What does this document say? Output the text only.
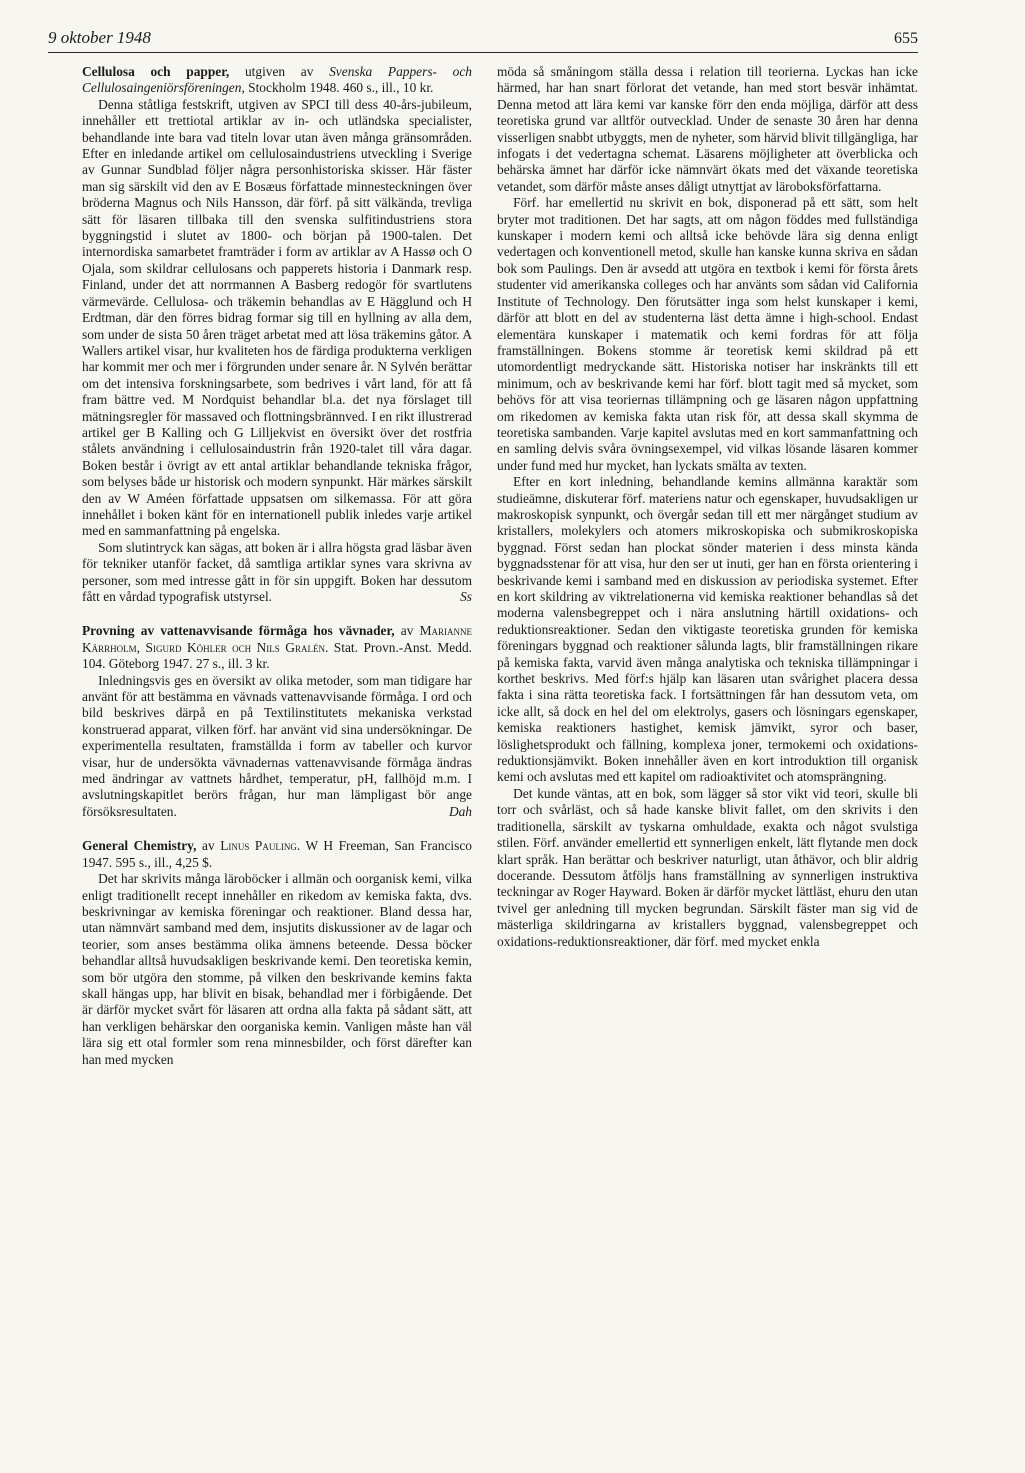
9 oktober 1948	655

Cellulosa och papper, utgiven av Svenska Pappers- och Cellulosaingeniörsföreningen, Stockholm 1948. 460 s., ill., 10 kr.

Denna ståtliga festskrift, utgiven av SPCI till dess 40-års-jubileum, innehåller ett trettiotal artiklar av in- och utländska specialister, behandlande inte bara vad titeln lovar utan även många gränsområden. Efter en inledande artikel om cellulosaindustriens utveckling i Sverige av Gunnar Sundblad följer några personhistoriska skisser. Här fäster man sig särskilt vid den av E Bosæus författade minnesteckningen över bröderna Magnus och Nils Hansson, där förf. på sitt välkända, trevliga sätt för läsaren tillbaka till den svenska sulfitindustriens stora byggningstid i slutet av 1800- och början på 1900-talen. Det internordiska samarbetet framträder i form av artiklar av A Hassø och O Ojala, som skildrar cellulosans och papperets historia i Danmark resp. Finland, under det att norrmannen A Basberg redogör för svartlutens värmevärde. Cellulosa- och träkemin behandlas av E Hägglund och H Erdtman, där den förres bidrag formar sig till en hyllning av alla dem, som under de sista 50 åren träget arbetat med att lösa träkemins gåtor. A Wallers artikel visar, hur kvaliteten hos de färdiga produkterna verkligen har kommit mer och mer i förgrunden under senare år. N Sylvén berättar om det intensiva forskningsarbete, som bedrives i vårt land, för att få fram bättre ved. M Nordquist behandlar bl.a. det nya förslaget till mätningsregler för massaved och flottningsbrännved. I en rikt illustrerad artikel ger B Kalling och G Lilljekvist en översikt över det rostfria stålets användning i cellulosaindustrin från 1920-talet till våra dagar. Boken består i övrigt av ett antal artiklar behandlande tekniska frågor, som belyses både ur historisk och modern synpunkt. Här märkes särskilt den av W Améen författade uppsatsen om silkemassa. För att göra innehållet i boken känt för en internationell publik inledes varje artikel med en sammanfattning på engelska.

Som slutintryck kan sägas, att boken är i allra högsta grad läsbar även för tekniker utanför facket, då samtliga artiklar synes vara skrivna av personer, som med intresse gått in för sin uppgift. Boken har dessutom fått en vårdad typografisk utstyrsel.	Ss

Provning av vattenavvisande förmåga hos vävnader, av Marianne Kärrholm, Sigurd Köhler och Nils Gralén. Stat. Provn.-Anst. Medd. 104. Göteborg 1947. 27 s., ill. 3 kr.

Inledningsvis ges en översikt av olika metoder, som man tidigare har använt för att bestämma en vävnads vattenavvisande förmåga. I ord och bild beskrives därpå en på Textilinstitutets mekaniska verkstad konstruerad apparat, vilken förf. har använt vid sina undersökningar. De experimentella resultaten, framställda i form av tabeller och kurvor visar, hur de undersökta vävnadernas vattenavvisande förmåga ändras med ändringar av vattnets hårdhet, temperatur, pH, fallhöjd m.m. I avslutningskapitlet berörs frågan, hur man lämpligast bör ange försöksresultaten.	Dah

General Chemistry, av Linus Pauling. W H Freeman, San Francisco 1947. 595 s., ill., 4,25 $.

Det har skrivits många läroböcker i allmän och oorganisk kemi, vilka enligt traditionellt recept innehåller en rikedom av kemiska fakta, dvs. beskrivningar av kemiska föreningar och reaktioner. Bland dessa har, utan nämnvärt samband med dem, insjutits diskussioner av de lagar och teorier, som anses bestämma olika ämnens beteende. Dessa böcker behandlar alltså huvudsakligen beskrivande kemi. Den teoretiska kemin, som bör utgöra den stomme, på vilken den beskrivande kemins fakta skall hängas upp, har blivit en bisak, behandlad mer i förbigående. Det är därför mycket svårt för läsaren att ordna alla fakta på sådant sätt, att han verkligen behärskar den oorganiska kemin. Vanligen måste han väl lära sig ett otal formler som rena minnesbilder, och först därefter kan han med mycken

möda så småningom ställa dessa i relation till teorierna. Lyckas han icke härmed, har han snart förlorat det vetande, han med stort besvär inhämtat. Denna metod att lära kemi var kanske förr den enda möjliga, därför att dess teoretiska grund var alltför outvecklad. Under de senaste 30 åren har denna visserligen snabbt utbyggts, men de nyheter, som härvid blivit tillgängliga, har infogats i det vedertagna schemat. Läsarens möjligheter att överblicka och behärska ämnet har därför icke nämnvärt ökats med det växande teoretiska vetandet, som därför måste anses dåligt utnyttjat av läroboksförfattarna.

Förf. har emellertid nu skrivit en bok, disponerad på ett sätt, som helt bryter mot traditionen. Det har sagts, att om någon föddes med fullständiga kunskaper i modern kemi och alltså icke behövde lära sig denna enligt vedertagen och konventionell metod, skulle han kanske kunna skriva en sådan bok som Paulings. Den är avsedd att utgöra en textbok i kemi för första årets studenter vid amerikanska colleges och har använts som sådan vid California Institute of Technology. Den förutsätter inga som helst kunskaper i kemi, därför att blott en del av studenterna läst detta ämne i high-school. Endast elementära kunskaper i matematik och kemi fordras för att följa framställningen. Bokens stomme är teoretisk kemi skildrad på ett utomordentligt medryckande sätt. Historiska notiser har inskränkts till ett minimum, och av beskrivande kemi har förf. blott tagit med så mycket, som behövs för att visa teoriernas tillämpning och ge läsaren någon uppfattning om rikedomen av kemiska fakta utan risk för, att dessa skall skymma de teoretiska sambanden. Varje kapitel avslutas med en kort sammanfattning och en samling delvis svåra övningsexempel, vid vilkas lösande läsaren kommer under fund med hur mycket, han lyckats smälta av texten.

Efter en kort inledning, behandlande kemins allmänna karaktär som studieämne, diskuterar förf. materiens natur och egenskaper, huvudsakligen ur makroskopisk synpunkt, och övergår sedan till ett mer närgånget studium av kristallers, molekylers och atomers mikroskopiska och submikroskopiska byggnad. Först sedan han plockat sönder materien i dess minsta kända byggnadsstenar för att visa, hur den ser ut inuti, ger han en första orientering i beskrivande kemi i samband med en diskussion av periodiska systemet. Efter en kort skildring av viktrelationerna vid kemiska reaktioner behandlas så det moderna valensbegreppet och i nära anslutning härtill oxidations- och reduktionsreaktioner. Sedan den viktigaste teoretiska grunden för kemiska föreningars byggnad och reaktioner sålunda lagts, blir framställningen rikare på kemiska fakta, varvid även många analytiska och tekniska tillämpningar i korthet beskrivs. Med förf:s hjälp kan läsaren utan svårighet placera dessa fakta i sina rätta teoretiska fack. I fortsättningen får han dessutom veta, om icke allt, så dock en hel del om elektrolys, gasers och lösningars egenskaper, kemiska reaktioners hastighet, kemisk jämvikt, syror och baser, löslighetsprodukt och fällning, komplexa joner, termokemi och oxidations-reduktionsjämvikt. Boken innehåller även en kort introduktion till organisk kemi och avslutas med ett kapitel om radioaktivitet och atomsprängning.

Det kunde väntas, att en bok, som lägger så stor vikt vid teori, skulle bli torr och svårläst, och så hade kanske blivit fallet, om den skrivits i den traditionella, särskilt av tyskarna omhuldade, exakta och något svulstiga stilen. Förf. använder emellertid ett synnerligen enkelt, lätt flytande men dock klart språk. Han berättar och beskriver naturligt, utan åthävor, och blir aldrig docerande. Dessutom åtföljs hans framställning av synnerligen instruktiva teckningar av Roger Hayward. Boken är därför mycket lättläst, ehuru den utan tvivel ger anledning till mycken begrundan. Särskilt fäster man sig vid de mästerliga skildringarna av kristallers byggnad, valensbegreppet och oxidations-reduktionsreaktioner, där förf. med mycket enkla
